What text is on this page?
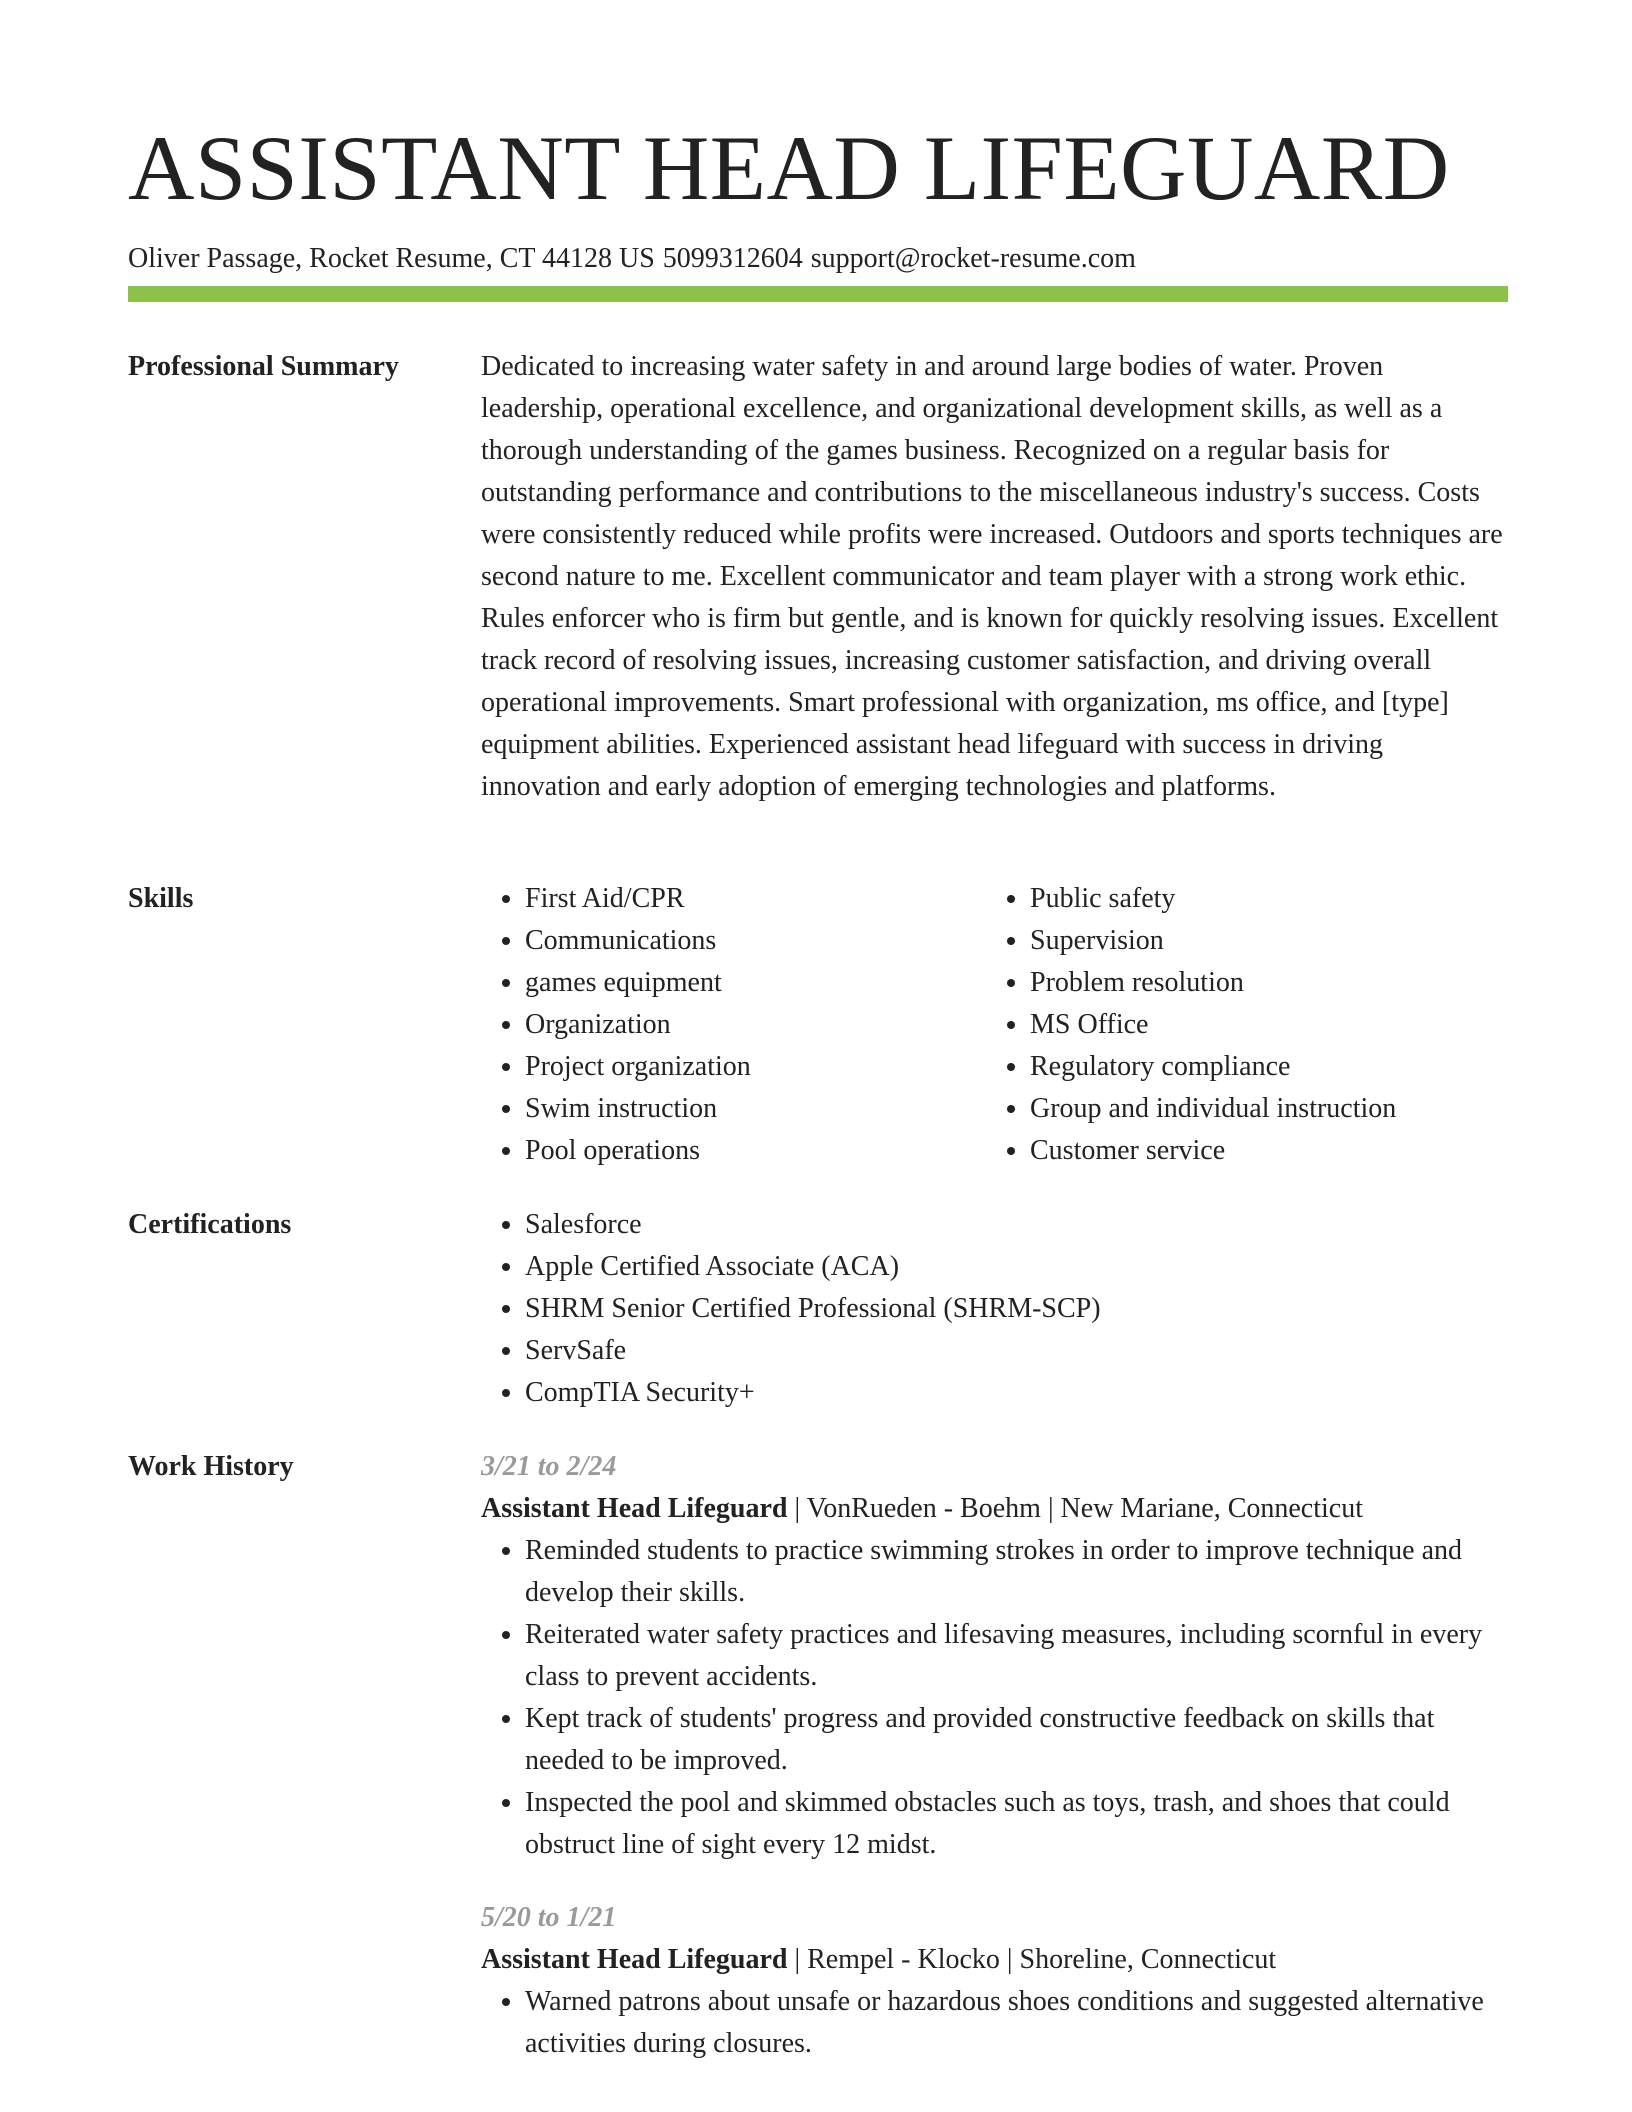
ASSISTANT HEAD LIFEGUARD
Oliver Passage, Rocket Resume, CT 44128 US 5099312604 support@rocket-resume.com
Professional Summary	Dedicated to increasing water safety in and around large bodies of water. Proven leadership, operational excellence, and organizational development skills, as well as a thorough understanding of the games business. Recognized on a regular basis for outstanding performance and contributions to the miscellaneous industry's success. Costs were consistently reduced while profits were increased. Outdoors and sports techniques are second nature to me. Excellent communicator and team player with a strong work ethic. Rules enforcer who is firm but gentle, and is known for quickly resolving issues. Excellent track record of resolving issues, increasing customer satisfaction, and driving overall operational improvements. Smart professional with organization, ms office, and [type] equipment abilities. Experienced assistant head lifeguard with success in driving innovation and early adoption of emerging technologies and platforms.

Skills	• First Aid/CPR
• Communications
• games equipment
• Organization
• Project organization
• Swim instruction
• Pool operations
• Public safety
• Supervision
• Problem resolution
• MS Office
• Regulatory compliance
• Group and individual instruction
• Customer service
Certifications	• Salesforce
• Apple Certified Associate (ACA)
• SHRM Senior Certified Professional (SHRM-SCP)
• ServSafe
• CompTIA Security+
Work History	3/21 to 2/24
Assistant Head Lifeguard | VonRueden - Boehm | New Mariane, Connecticut
• Reminded students to practice swimming strokes in order to improve technique and develop their skills.
• Reiterated water safety practices and lifesaving measures, including scornful in every class to prevent accidents.
• Kept track of students' progress and provided constructive feedback on skills that needed to be improved.
• Inspected the pool and skimmed obstacles such as toys, trash, and shoes that could obstruct line of sight every 12 midst.
5/20 to 1/21
Assistant Head Lifeguard | Rempel - Klocko | Shoreline, Connecticut
• Warned patrons about unsafe or hazardous shoes conditions and suggested alternative activities during closures.
